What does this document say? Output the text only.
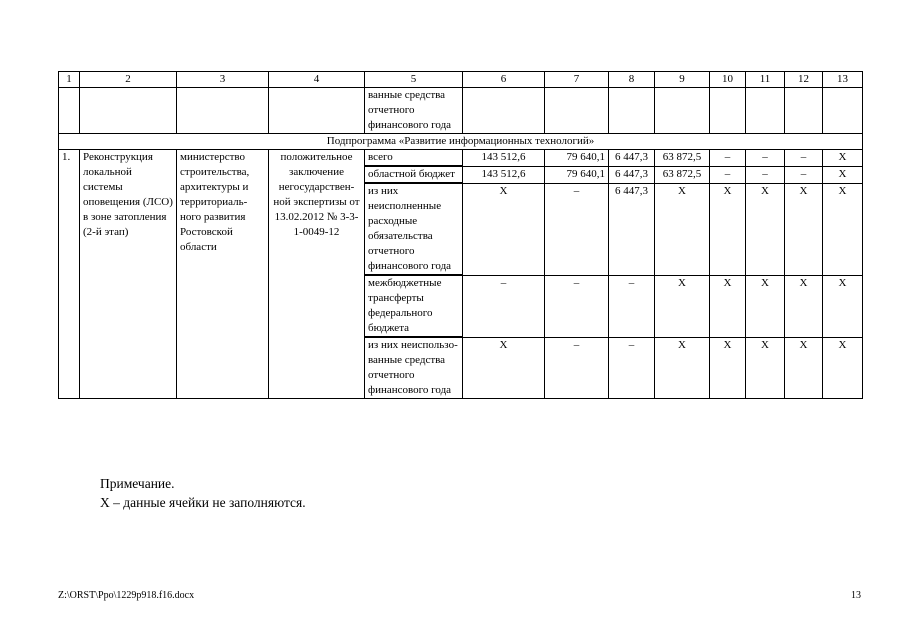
1	2	3	4	5	6	7	8	9	10	11	12	13
				ванные средства отчетного финансового года								
Подпрограмма «Развитие информационных технологий»												
1.	Реконструкция локальной системы оповещения (ЛСО) в зоне затопления (2-й этап)	министерство строительства, архитектуры и территориаль- ного развития Ростовской области	положительное заключение негосударствен- ной экспертизы от 13.02.2012 № 3-3-1-0049-12	всего	143 512,6	79 640,1	6 447,3	63 872,5	–	–	–	Х
				областной бюджет	143 512,6	79 640,1	6 447,3	63 872,5	–	–	–	Х
				из них неисполненные расходные обязательства отчетного финансового года	Х	–	6 447,3	Х	Х	Х	Х	Х
				межбюджетные трансферты федерального бюджета	–	–	–	Х	Х	Х	Х	Х
				из них неиспользо- ванные средства отчетного финансового года	Х	–	–	Х	Х	Х	Х	Х
Примечание.
Х – данные ячейки не заполняются.
Z:\ORST\Ppo\1229p918.f16.docx	13
